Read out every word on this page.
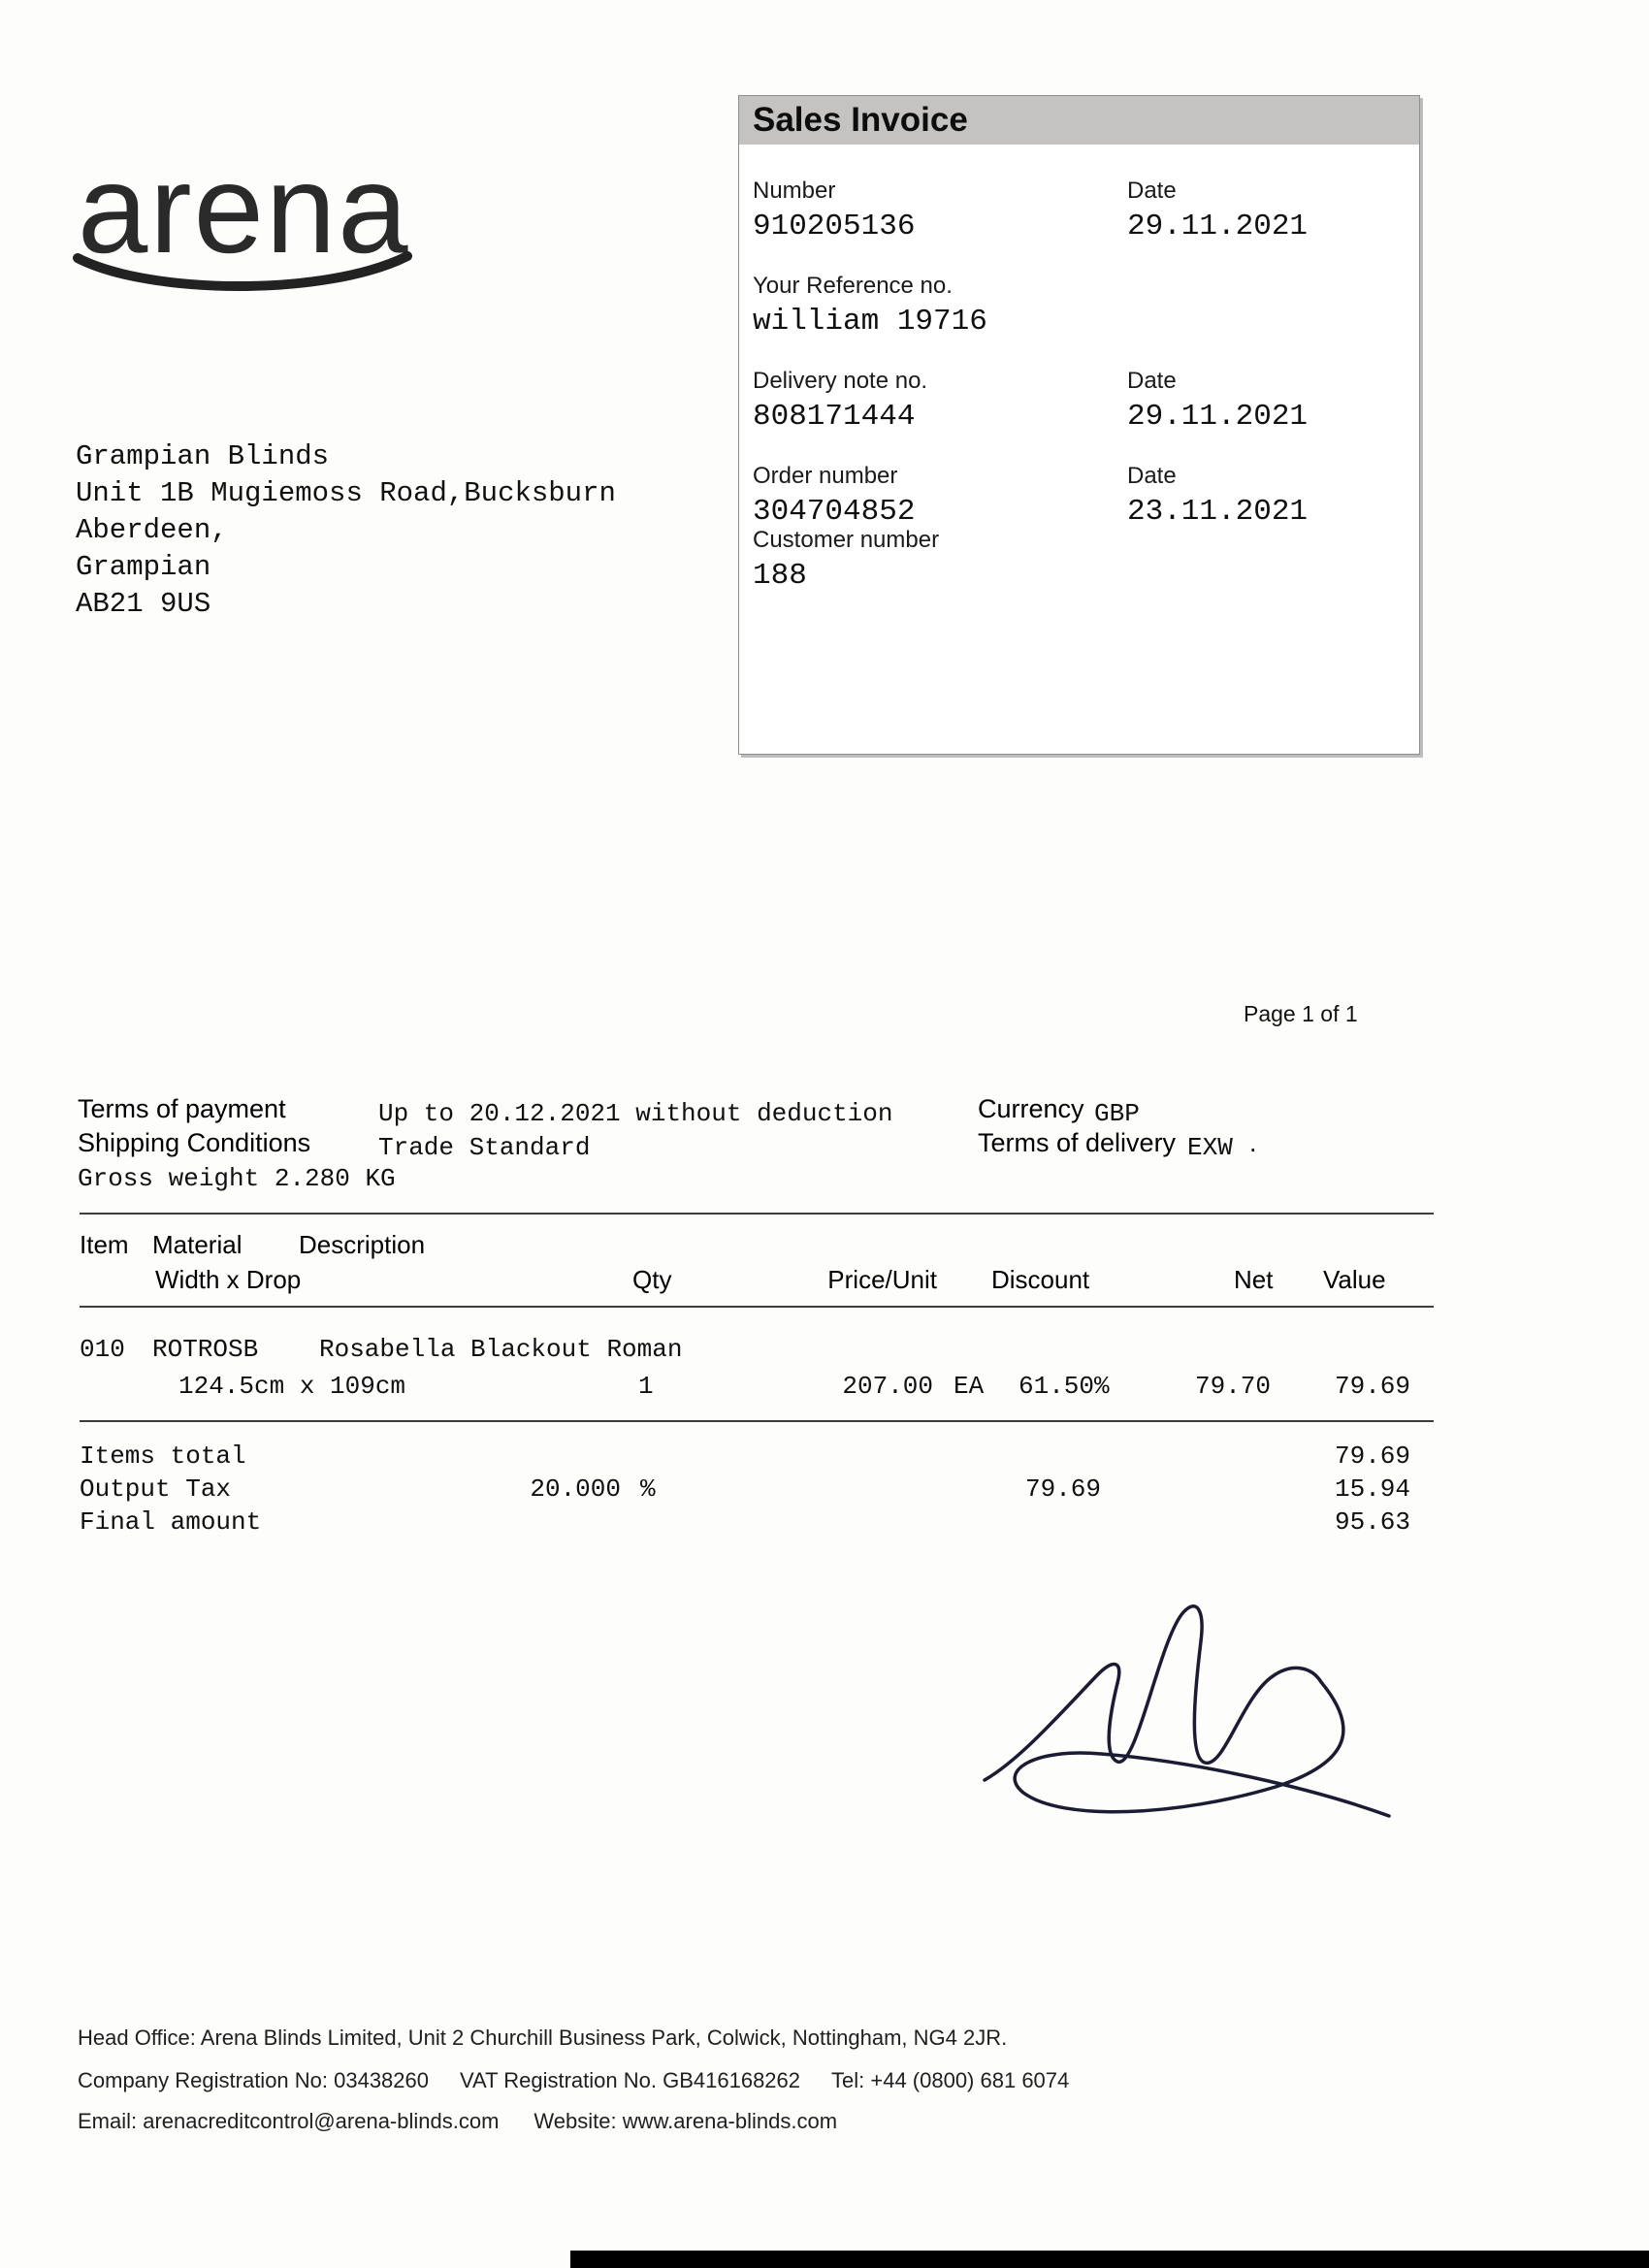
arena
Sales Invoice
Number
910205136
Date
29.11.2021
Your Reference no.
william 19716
Delivery note no.
808171444
Date
29.11.2021
Order number
304704852
Date
23.11.2021
Customer number
188
Grampian Blinds
Unit 1B Mugiemoss Road,Bucksburn
Aberdeen,
Grampian
AB21 9US
Page 1 of 1
Terms of payment	Up to 20.12.2021 without deduction
Shipping Conditions	Trade Standard
Gross weight 2.280 KG
Currency GBP
Terms of delivery EXW .
Item Material Description
Width x Drop	Qty	Price/Unit Discount	Net Value
010 ROTROSB Rosabella Blackout Roman
124.5cm x 109cm	1	207.00 EA 61.50%	79.70	79.69
Items total	79.69
Output Tax	20.000 %	79.69	15.94
Final amount	95.63
Head Office: Arena Blinds Limited, Unit 2 Churchill Business Park, Colwick, Nottingham, NG4 2JR.
Company Registration No: 03438260 VAT Registration No. GB416168262 Tel: +44 (0800) 681 6074
Email: arenacreditcontrol@arena-blinds.com Website: www.arena-blinds.com
